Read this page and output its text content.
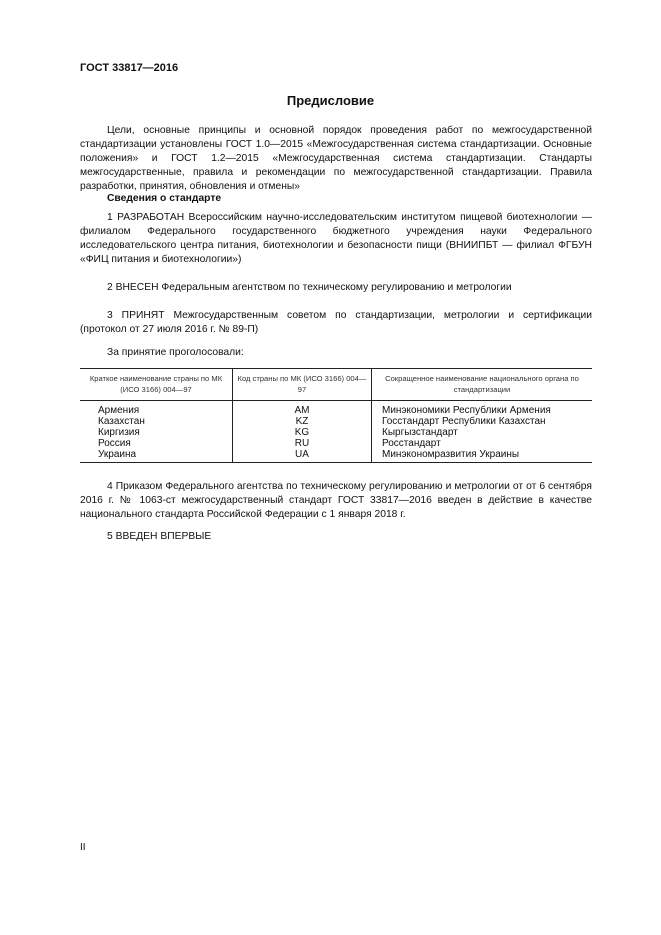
ГОСТ 33817—2016
Предисловие

Цели, основные принципы и основной порядок проведения работ по межгосударственной стандартизации установлены ГОСТ 1.0—2015 «Межгосударственная система стандартизации. Основные положения» и ГОСТ 1.2—2015 «Межгосударственная система стандартизации. Стандарты межгосударственные, правила и рекомендации по межгосударственной стандартизации. Правила разработки, принятия, обновления и отмены»

Сведения о стандарте

1 РАЗРАБОТАН Всероссийским научно-исследовательским институтом пищевой биотехнологии — филиалом Федерального государственного бюджетного учреждения науки Федерального исследовательского центра питания, биотехнологии и безопасности пищи (ВНИИПБТ — филиал ФГБУН «ФИЦ питания и биотехнологии»)

2 ВНЕСЕН Федеральным агентством по техническому регулированию и метрологии

3 ПРИНЯТ Межгосударственным советом по стандартизации, метрологии и сертификации (протокол от 27 июля 2016 г. № 89-П)

За принятие проголосовали:
Краткое наименование страны по МК (ИСО 3166) 004—97	Код страны по МК (ИСО 3166) 004—97	Сокращенное наименование национального органа по стандартизации
Армения	AM	Минэкономики Республики Армения
Казахстан	KZ	Госстандарт Республики Казахстан
Киргизия	KG	Кыргызстандарт
Россия	RU	Росстандарт
Украина	UA	Минэкономразвития Украины

4 Приказом Федерального агентства по техническому регулированию и метрологии от от 6 сентября 2016 г. № 1063-ст межгосударственный стандарт ГОСТ 33817—2016 введен в действие в качестве национального стандарта Российской Федерации с 1 января 2018 г.

5 ВВЕДЕН ВПЕРВЫЕ

II
